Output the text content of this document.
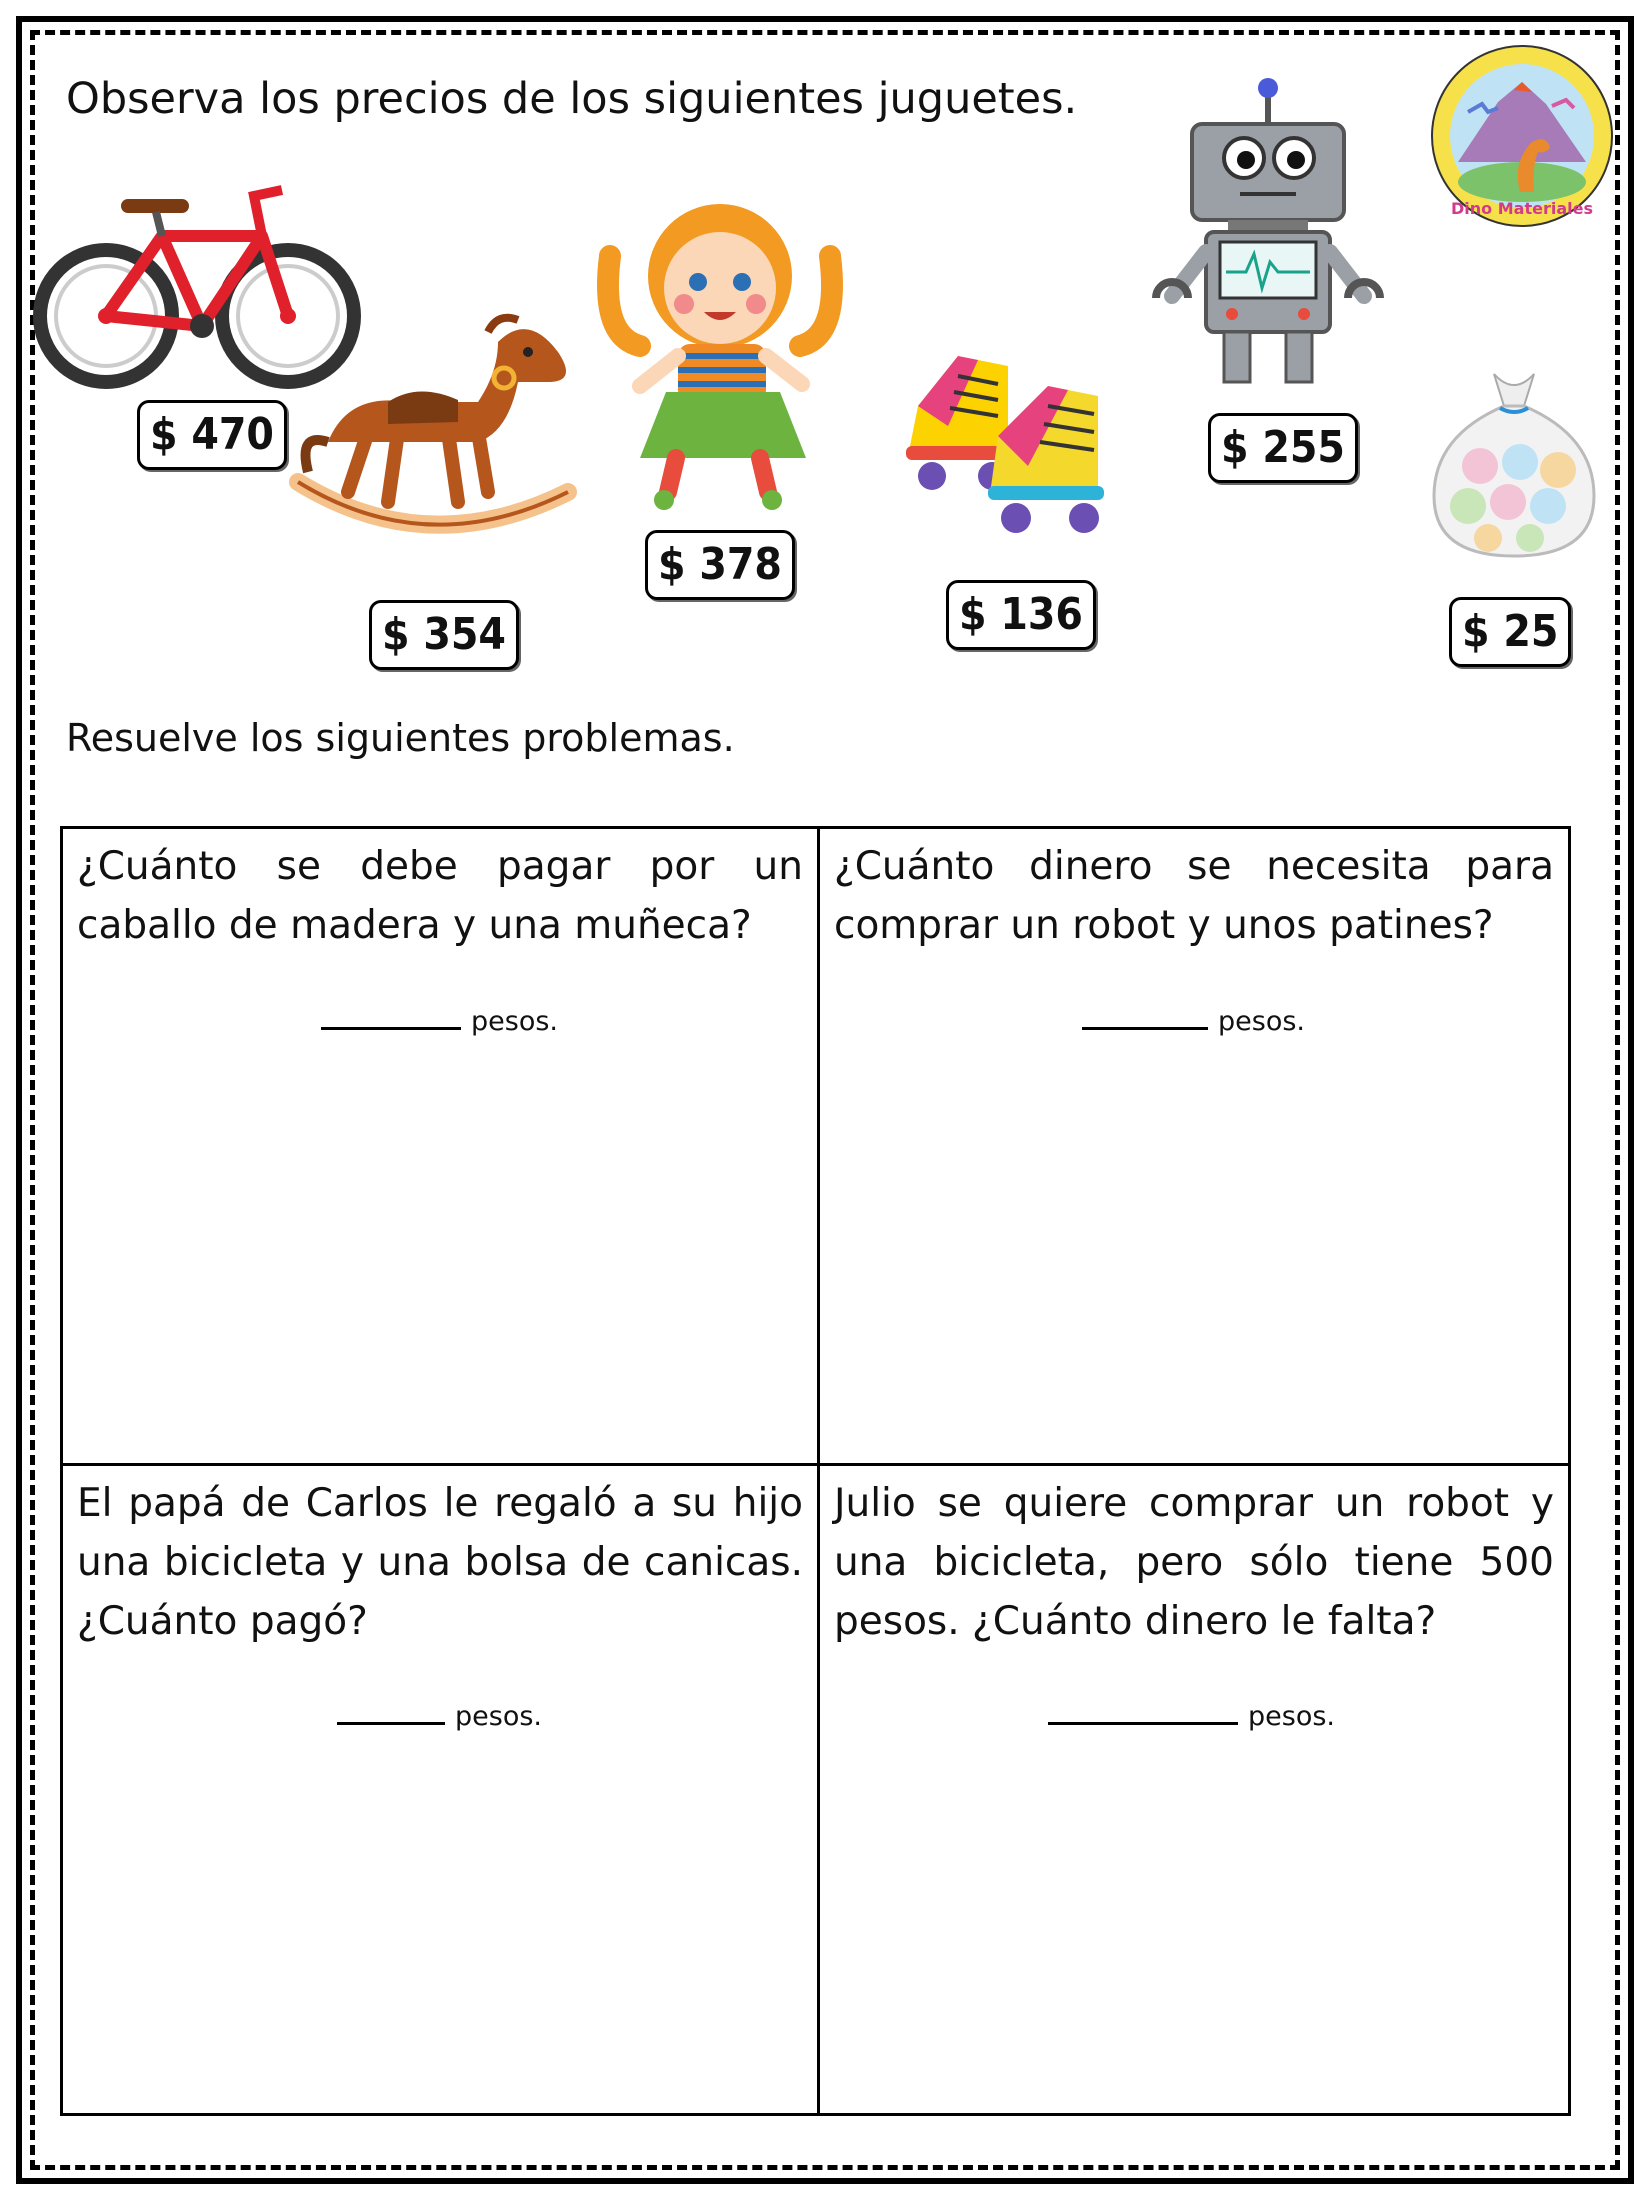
Observa los precios de los siguientes juguetes.
Dino Materiales
$ 470
$ 354
$ 378
$ 136
$ 255
$ 25
Resuelve los siguientes problemas.

¿Cuánto se debe pagar por un caballo de madera y una muñeca?

pesos.

¿Cuánto dinero se necesita para comprar un robot y unos patines?

pesos.

El papá de Carlos le regaló a su hijo una bicicleta y una bolsa de canicas. ¿Cuánto pagó?

pesos.

Julio se quiere comprar un robot y una bicicleta, pero sólo tiene 500 pesos. ¿Cuánto dinero le falta?

pesos.
